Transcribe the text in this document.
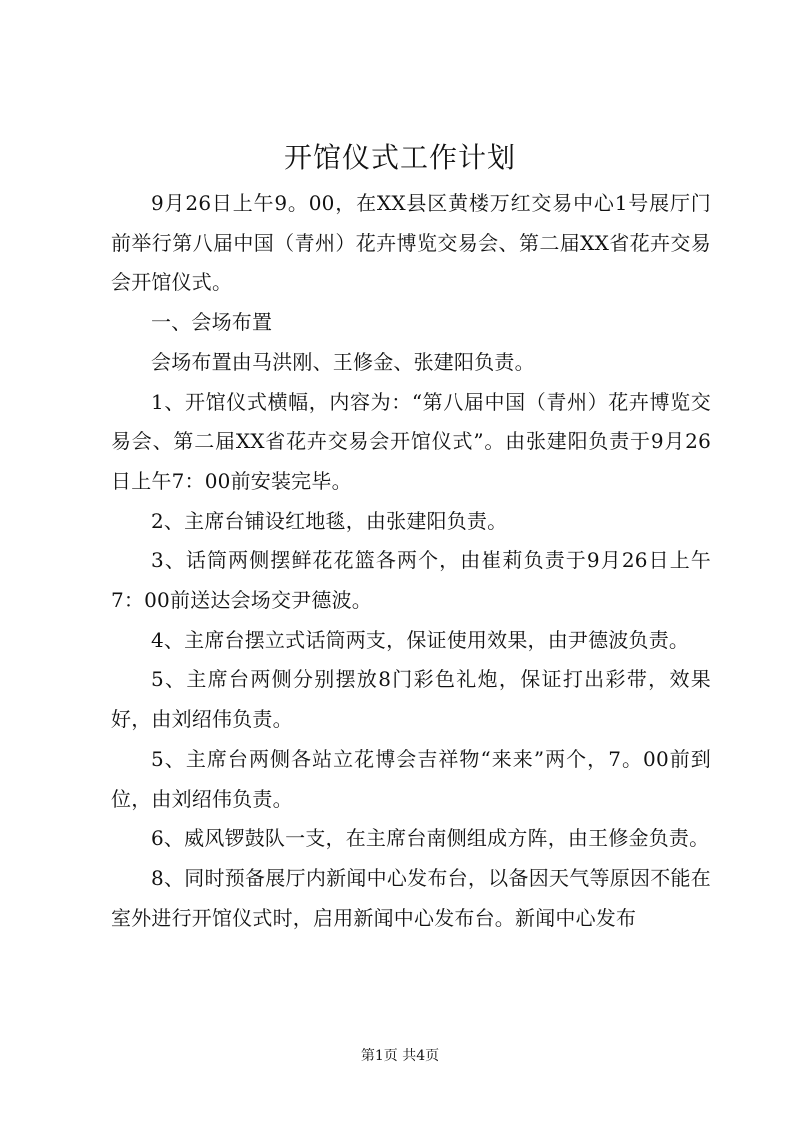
开馆仪式工作计划

9月26日上午9。00，在XX县区黄楼万红交易中心1号展厅门前举行第八届中国（青州）花卉博览交易会、第二届XX省花卉交易会开馆仪式。

一、会场布置

会场布置由马洪刚、王修金、张建阳负责。

1、开馆仪式横幅，内容为：“第八届中国（青州）花卉博览交易会、第二届XX省花卉交易会开馆仪式”。由张建阳负责于9月26日上午7：00前安装完毕。

2、主席台铺设红地毯，由张建阳负责。

3、话筒两侧摆鲜花花篮各两个，由崔莉负责于9月26日上午7：00前送达会场交尹德波。

4、主席台摆立式话筒两支，保证使用效果，由尹德波负责。

5、主席台两侧分别摆放8门彩色礼炮，保证打出彩带，效果好，由刘绍伟负责。

5、主席台两侧各站立花博会吉祥物“来来”两个，7。00前到位，由刘绍伟负责。

6、威风锣鼓队一支，在主席台南侧组成方阵，由王修金负责。

8、同时预备展厅内新闻中心发布台，以备因天气等原因不能在室外进行开馆仪式时，启用新闻中心发布台。新闻中心发布

第1页 共4页
